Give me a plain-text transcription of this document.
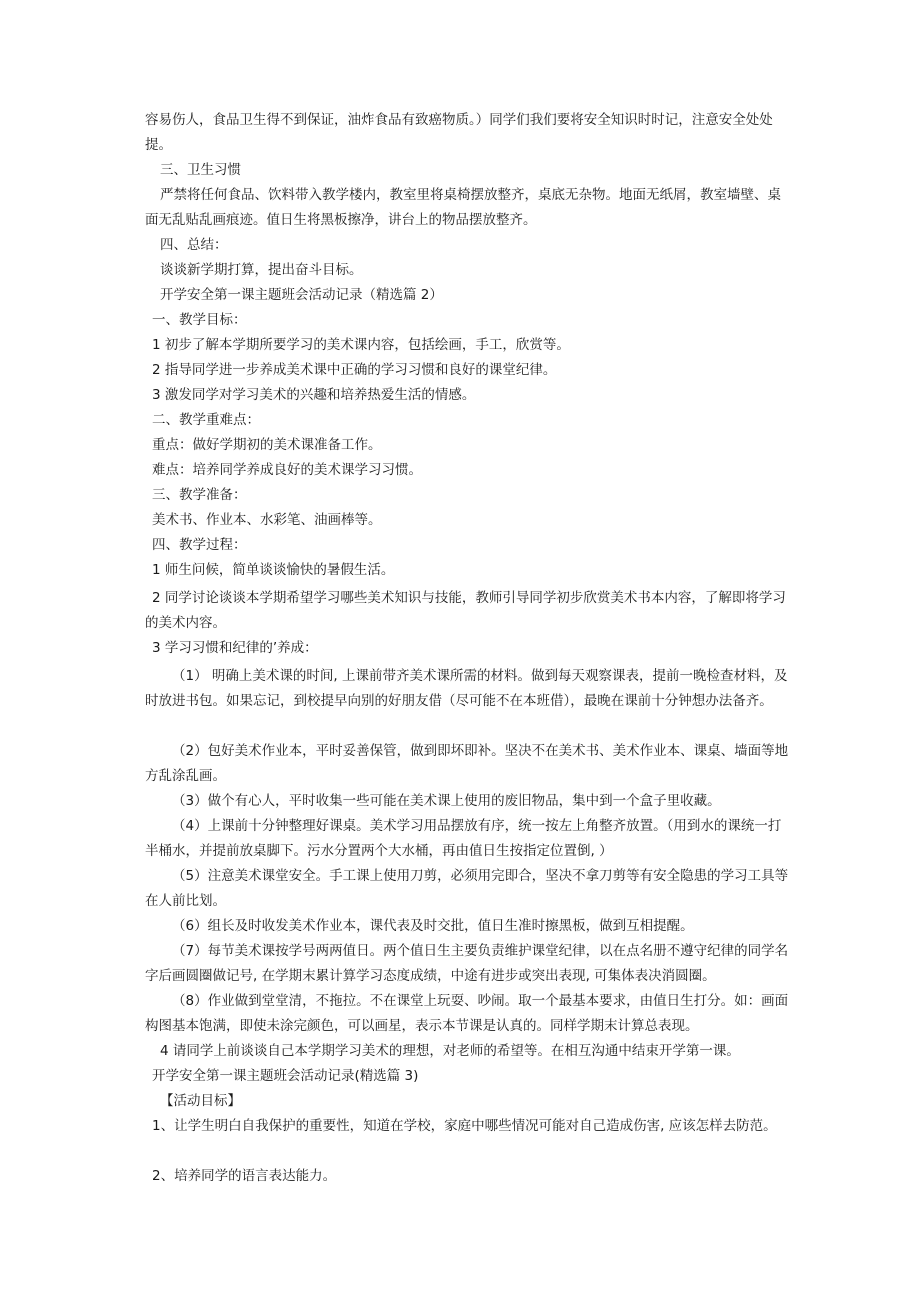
容易伤人，食品卫生得不到保证，油炸食品有致癌物质。）同学们我们要将安全知识时时记，注意安全处处提。

三、卫生习惯

严禁将任何食品、饮料带入教学楼内，教室里将桌椅摆放整齐，桌底无杂物。地面无纸屑，教室墙壁、桌面无乱贴乱画痕迹。值日生将黑板擦净，讲台上的物品摆放整齐。

四、总结：

谈谈新学期打算，提出奋斗目标。

开学安全第一课主题班会活动记录（精选篇 2）

一、教学目标：

1 初步了解本学期所要学习的美术课内容，包括绘画，手工，欣赏等。

2 指导同学进一步养成美术课中正确的学习习惯和良好的课堂纪律。

3 激发同学对学习美术的兴趣和培养热爱生活的情感。

二、教学重难点：

重点：做好学期初的美术课准备工作。

难点：培养同学养成良好的美术课学习习惯。

三、教学准备：

美术书、作业本、水彩笔、油画棒等。

四、教学过程：

1 师生问候，简单谈谈愉快的暑假生活。

2 同学讨论谈谈本学期希望学习哪些美术知识与技能，教师引导同学初步欣赏美术书本内容，了解即将学习的美术内容。

3 学习习惯和纪律的’养成：

（1） 明确上美术课的时间, 上课前带齐美术课所需的材料。做到每天观察课表，提前一晚检查材料，及时放进书包。如果忘记，到校提早向别的好朋友借（尽可能不在本班借），最晚在课前十分钟想办法备齐。

（2）包好美术作业本，平时妥善保管，做到即坏即补。坚决不在美术书、美术作业本、课桌、墙面等地方乱涂乱画。

（3）做个有心人，平时收集一些可能在美术课上使用的废旧物品，集中到一个盒子里收藏。

（4）上课前十分钟整理好课桌。美术学习用品摆放有序，统一按左上角整齐放置。（用到水的课统一打半桶水，并提前放桌脚下。污水分置两个大水桶，再由值日生按指定位置倒, ）

（5）注意美术课堂安全。手工课上使用刀剪，必须用完即合，坚决不拿刀剪等有安全隐患的学习工具等在人前比划。

（6）组长及时收发美术作业本，课代表及时交批，值日生准时擦黑板，做到互相提醒。

（7）每节美术课按学号两两值日。两个值日生主要负责维护课堂纪律，以在点名册不遵守纪律的同学名字后画圆圈做记号, 在学期末累计算学习态度成绩，中途有进步或突出表现, 可集体表决消圆圈。

（8）作业做到堂堂清，不拖拉。不在课堂上玩耍、吵闹。取一个最基本要求，由值日生打分。如：画面构图基本饱满，即使未涂完颜色，可以画星，表示本节课是认真的。同样学期末计算总表现。

4 请同学上前谈谈自己本学期学习美术的理想，对老师的希望等。在相互沟通中结束开学第一课。

开学安全第一课主题班会活动记录(精选篇 3)

【活动目标】

1、让学生明白自我保护的重要性，知道在学校，家庭中哪些情况可能对自己造成伤害, 应该怎样去防范。

2、培养同学的语言表达能力。
